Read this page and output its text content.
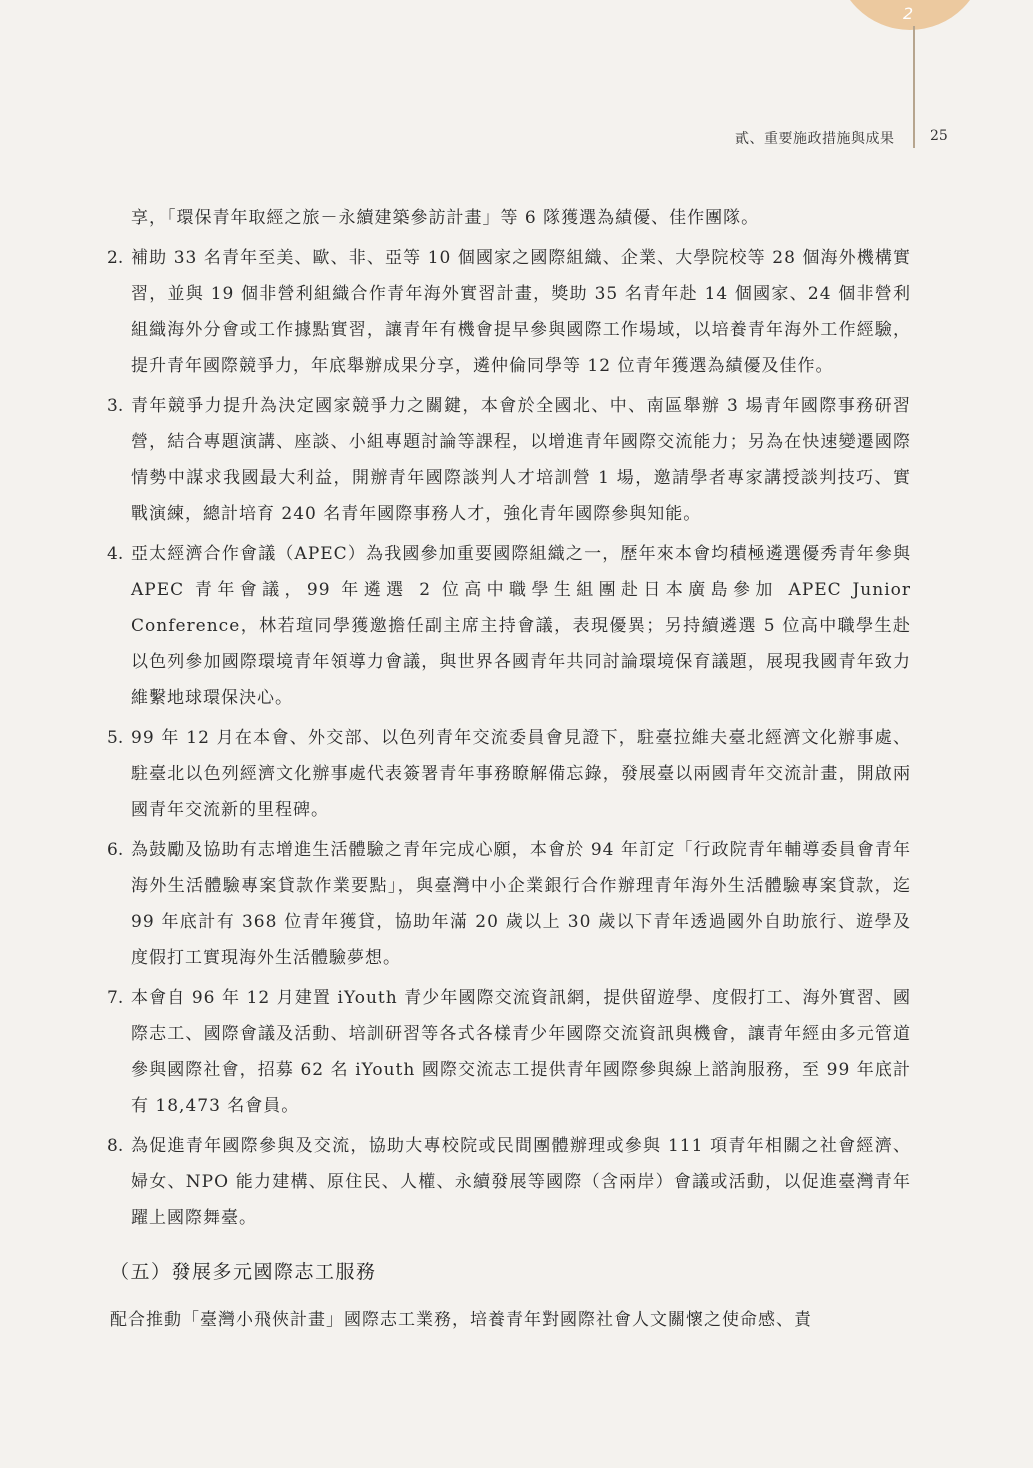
2
貳、重要施政措施與成果	25

享，「環保青年取經之旅－永續建築參訪計畫」等 6 隊獲選為績優、佳作團隊。

2. 補助 33 名青年至美、歐、非、亞等 10 個國家之國際組織、企業、大學院校等 28 個海外機構實習，並與 19 個非營利組織合作青年海外實習計畫，獎助 35 名青年赴 14 個國家、24 個非營利組織海外分會或工作據點實習，讓青年有機會提早參與國際工作場域，以培養青年海外工作經驗，提升青年國際競爭力，年底舉辦成果分享，遴仲倫同學等 12 位青年獲選為績優及佳作。

3. 青年競爭力提升為決定國家競爭力之關鍵，本會於全國北、中、南區舉辦 3 場青年國際事務研習營，結合專題演講、座談、小組專題討論等課程，以增進青年國際交流能力；另為在快速變遷國際情勢中謀求我國最大利益，開辦青年國際談判人才培訓營 1 場，邀請學者專家講授談判技巧、實戰演練，總計培育 240 名青年國際事務人才，強化青年國際參與知能。

4. 亞太經濟合作會議（APEC）為我國參加重要國際組織之一，歷年來本會均積極遴選優秀青年參與 APEC 青年會議，99 年遴選 2 位高中職學生組團赴日本廣島參加 APEC Junior Conference，林若瑄同學獲邀擔任副主席主持會議，表現優異；另持續遴選 5 位高中職學生赴以色列參加國際環境青年領導力會議，與世界各國青年共同討論環境保育議題，展現我國青年致力維繫地球環保決心。

5. 99 年 12 月在本會、外交部、以色列青年交流委員會見證下，駐臺拉維夫臺北經濟文化辦事處、駐臺北以色列經濟文化辦事處代表簽署青年事務瞭解備忘錄，發展臺以兩國青年交流計畫，開啟兩國青年交流新的里程碑。

6. 為鼓勵及協助有志增進生活體驗之青年完成心願，本會於 94 年訂定「行政院青年輔導委員會青年海外生活體驗專案貸款作業要點」，與臺灣中小企業銀行合作辦理青年海外生活體驗專案貸款，迄 99 年底計有 368 位青年獲貸，協助年滿 20 歲以上 30 歲以下青年透過國外自助旅行、遊學及度假打工實現海外生活體驗夢想。

7. 本會自 96 年 12 月建置 iYouth 青少年國際交流資訊網，提供留遊學、度假打工、海外實習、國際志工、國際會議及活動、培訓研習等各式各樣青少年國際交流資訊與機會，讓青年經由多元管道參與國際社會，招募 62 名 iYouth 國際交流志工提供青年國際參與線上諮詢服務，至 99 年底計有 18,473 名會員。

8. 為促進青年國際參與及交流，協助大專校院或民間團體辦理或參與 111 項青年相關之社會經濟、婦女、NPO 能力建構、原住民、人權、永續發展等國際（含兩岸）會議或活動，以促進臺灣青年躍上國際舞臺。

（五）發展多元國際志工服務

配合推動「臺灣小飛俠計畫」國際志工業務，培養青年對國際社會人文關懷之使命感、責
